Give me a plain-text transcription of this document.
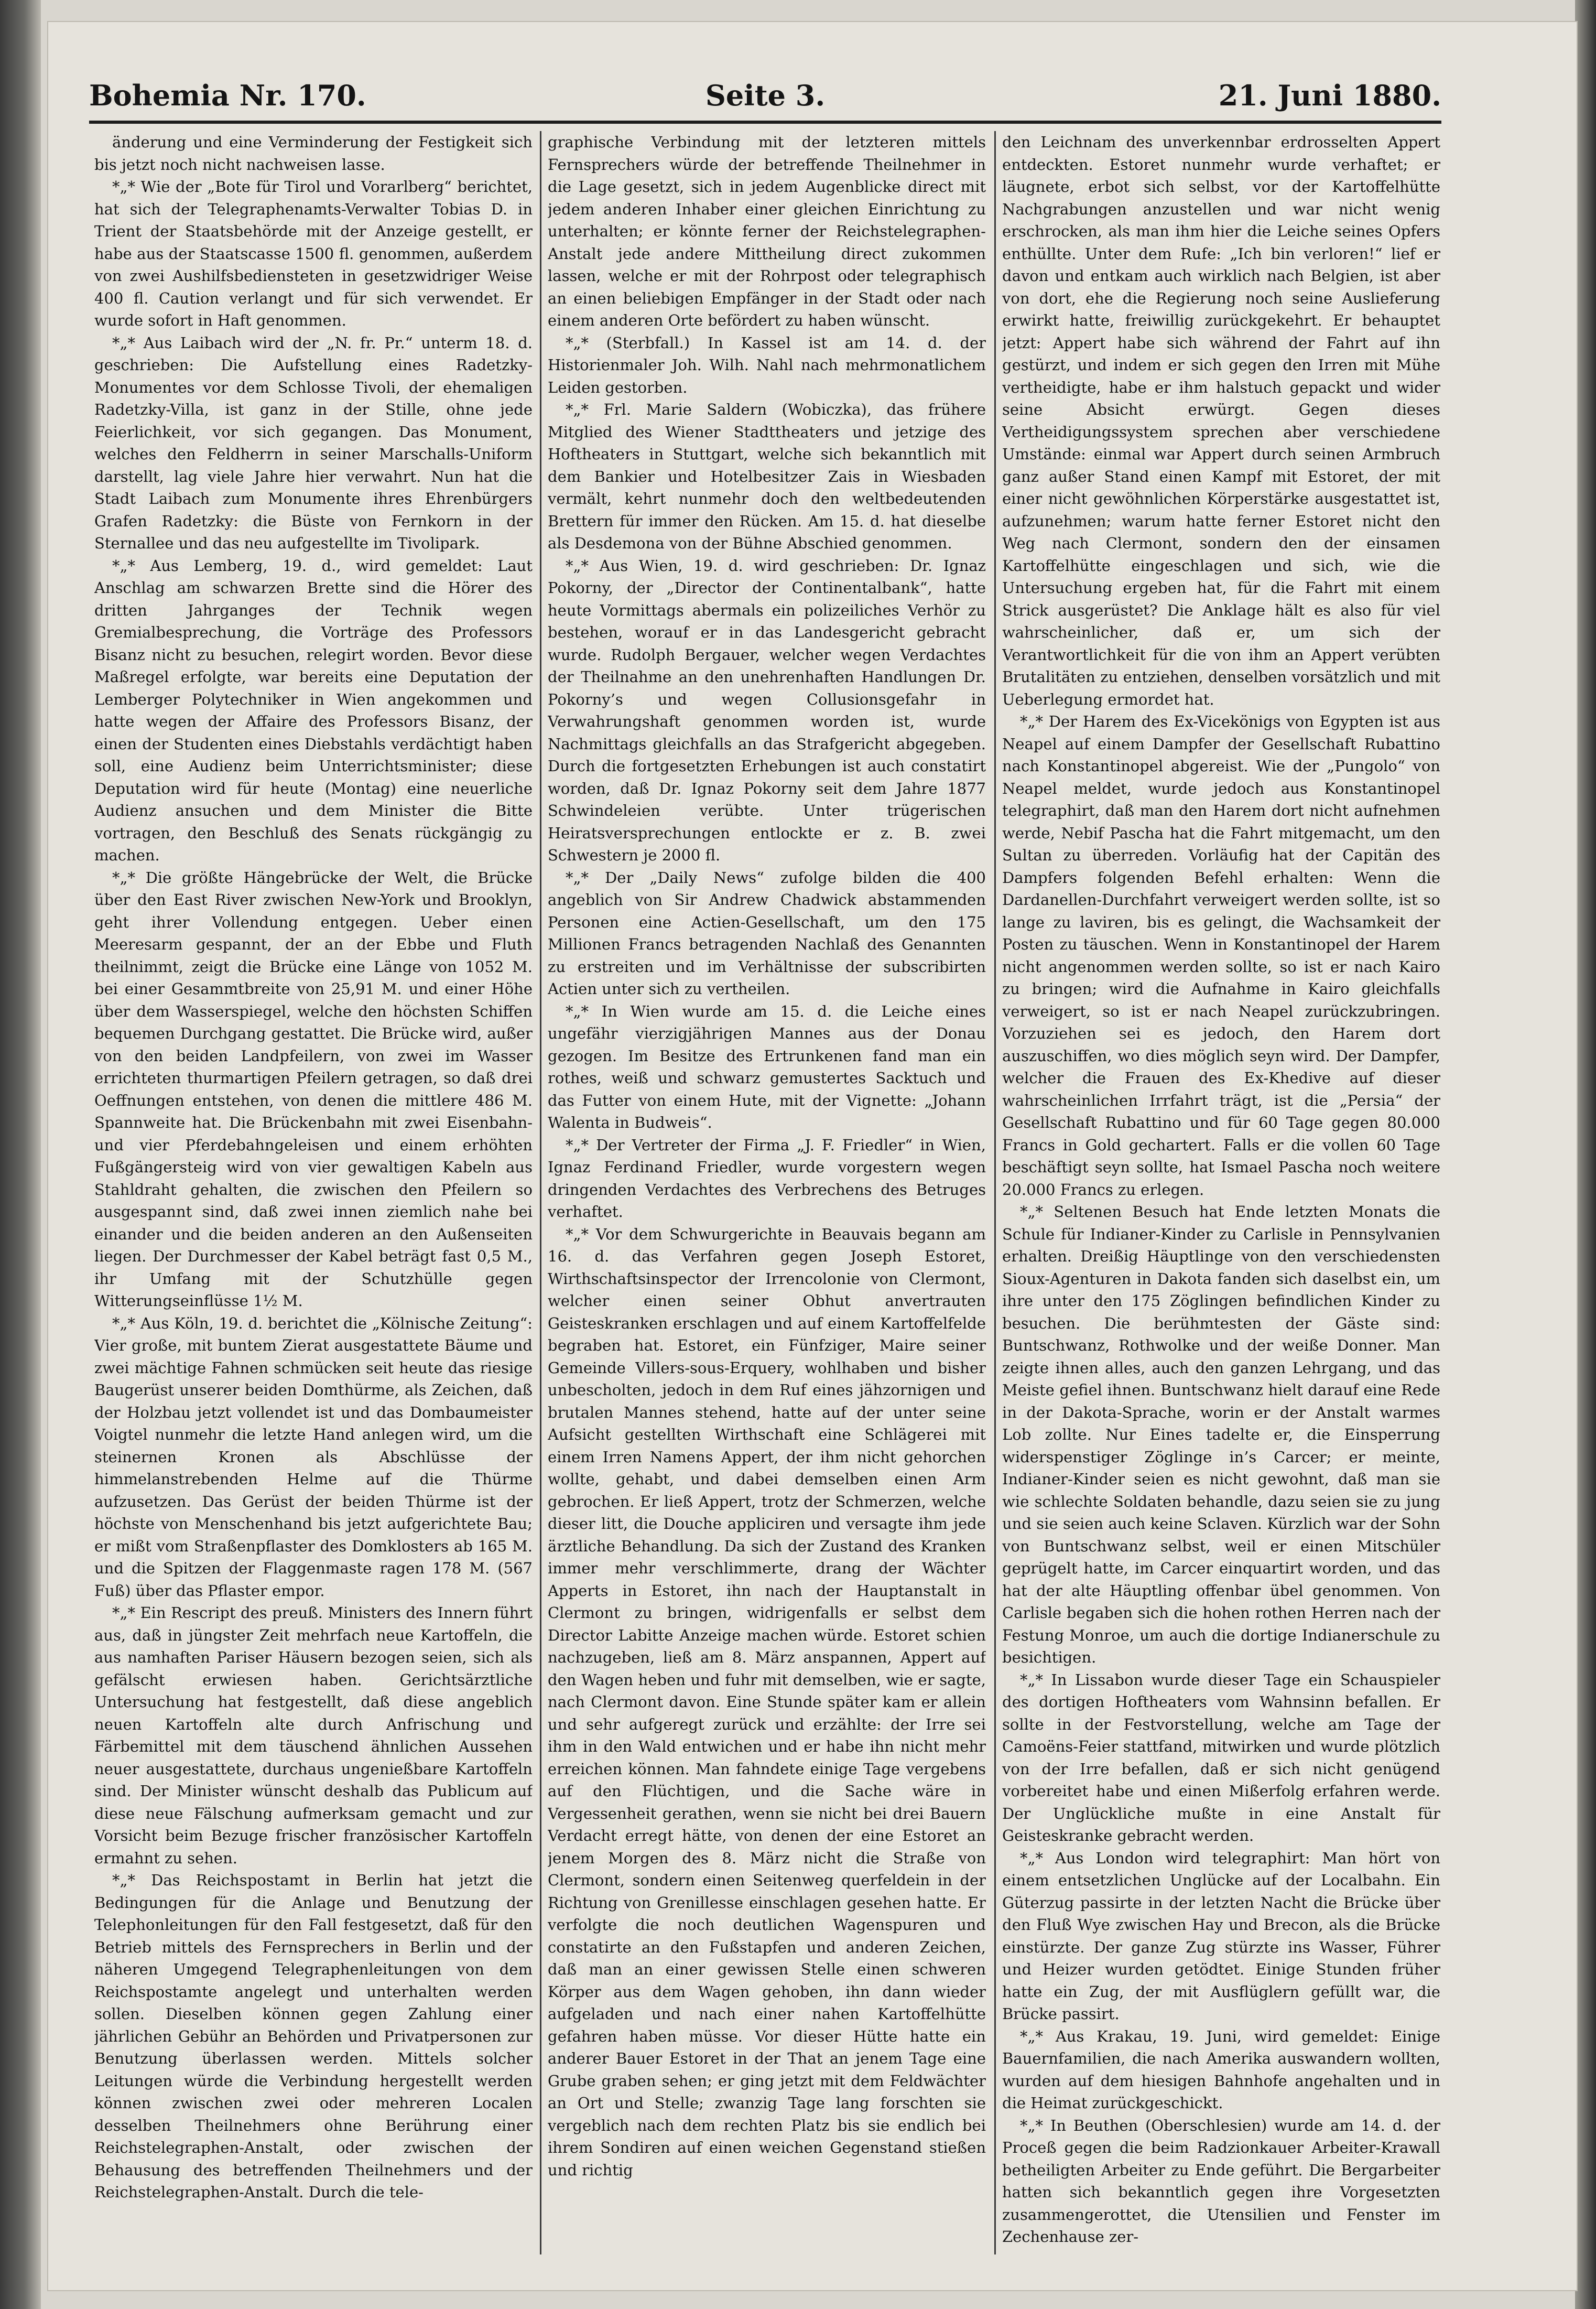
Bohemia Nr. 170.	Seite 3.	21. Juni 1880.

änderung und eine Verminderung der Festigkeit sich bis jetzt noch nicht nachweisen lasse.

*„* Wie der „Bote für Tirol und Vorarlberg“ berichtet, hat sich der Telegraphenamts-Verwalter Tobias D. in Trient der Staatsbehörde mit der Anzeige gestellt, er habe aus der Staatscasse 1500 fl. genommen, außerdem von zwei Aushilfsbediensteten in gesetzwidriger Weise 400 fl. Caution verlangt und für sich verwendet. Er wurde sofort in Haft genommen.

*„* Aus Laibach wird der „N. fr. Pr.“ unterm 18. d. geschrieben: Die Aufstellung eines Radetzky-Monumentes vor dem Schlosse Tivoli, der ehemaligen Radetzky-Villa, ist ganz in der Stille, ohne jede Feierlichkeit, vor sich gegangen. Das Monument, welches den Feldherrn in seiner Marschalls-Uniform darstellt, lag viele Jahre hier verwahrt. Nun hat die Stadt Laibach zum Monumente ihres Ehrenbürgers Grafen Radetzky: die Büste von Fernkorn in der Sternallee und das neu aufgestellte im Tivolipark.

*„* Aus Lemberg, 19. d., wird gemeldet: Laut Anschlag am schwarzen Brette sind die Hörer des dritten Jahrganges der Technik wegen Gremialbesprechung, die Vorträge des Professors Bisanz nicht zu besuchen, relegirt worden. Bevor diese Maßregel erfolgte, war bereits eine Deputation der Lemberger Polytechniker in Wien angekommen und hatte wegen der Affaire des Professors Bisanz, der einen der Studenten eines Diebstahls verdächtigt haben soll, eine Audienz beim Unterrichtsminister; diese Deputation wird für heute (Montag) eine neuerliche Audienz ansuchen und dem Minister die Bitte vortragen, den Beschluß des Senats rückgängig zu machen.

*„* Die größte Hängebrücke der Welt, die Brücke über den East River zwischen New-York und Brooklyn, geht ihrer Vollendung entgegen. Ueber einen Meeresarm gespannt, der an der Ebbe und Fluth theilnimmt, zeigt die Brücke eine Länge von 1052 M. bei einer Gesammtbreite von 25,91 M. und einer Höhe über dem Wasserspiegel, welche den höchsten Schiffen bequemen Durchgang gestattet. Die Brücke wird, außer von den beiden Landpfeilern, von zwei im Wasser errichteten thurmartigen Pfeilern getragen, so daß drei Oeffnungen entstehen, von denen die mittlere 486 M. Spannweite hat. Die Brückenbahn mit zwei Eisenbahn- und vier Pferdebahngeleisen und einem erhöhten Fußgängersteig wird von vier gewaltigen Kabeln aus Stahldraht gehalten, die zwischen den Pfeilern so ausgespannt sind, daß zwei innen ziemlich nahe bei einander und die beiden anderen an den Außenseiten liegen. Der Durchmesser der Kabel beträgt fast 0,5 M., ihr Umfang mit der Schutzhülle gegen Witterungseinflüsse 1½ M.

*„* Aus Köln, 19. d. berichtet die „Kölnische Zeitung“: Vier große, mit buntem Zierat ausgestattete Bäume und zwei mächtige Fahnen schmücken seit heute das riesige Baugerüst unserer beiden Domthürme, als Zeichen, daß der Holzbau jetzt vollendet ist und das Dombaumeister Voigtel nunmehr die letzte Hand anlegen wird, um die steinernen Kronen als Abschlüsse der himmelanstrebenden Helme auf die Thürme aufzusetzen. Das Gerüst der beiden Thürme ist der höchste von Menschenhand bis jetzt aufgerichtete Bau; er mißt vom Straßenpflaster des Domklosters ab 165 M. und die Spitzen der Flaggenmaste ragen 178 M. (567 Fuß) über das Pflaster empor.

*„* Ein Rescript des preuß. Ministers des Innern führt aus, daß in jüngster Zeit mehrfach neue Kartoffeln, die aus namhaften Pariser Häusern bezogen seien, sich als gefälscht erwiesen haben. Gerichtsärztliche Untersuchung hat festgestellt, daß diese angeblich neuen Kartoffeln alte durch Anfrischung und Färbemittel mit dem täuschend ähnlichen Aussehen neuer ausgestattete, durchaus ungenießbare Kartoffeln sind. Der Minister wünscht deshalb das Publicum auf diese neue Fälschung aufmerksam gemacht und zur Vorsicht beim Bezuge frischer französischer Kartoffeln ermahnt zu sehen.

*„* Das Reichspostamt in Berlin hat jetzt die Bedingungen für die Anlage und Benutzung der Telephonleitungen für den Fall festgesetzt, daß für den Betrieb mittels des Fernsprechers in Berlin und der näheren Umgegend Telegraphenleitungen von dem Reichspostamte angelegt und unterhalten werden sollen. Dieselben können gegen Zahlung einer jährlichen Gebühr an Behörden und Privatpersonen zur Benutzung überlassen werden. Mittels solcher Leitungen würde die Verbindung hergestellt werden können zwischen zwei oder mehreren Localen desselben Theilnehmers ohne Berührung einer Reichstelegraphen-Anstalt, oder zwischen der Behausung des betreffenden Theilnehmers und der Reichstelegraphen-Anstalt. Durch die tele-

graphische Verbindung mit der letzteren mittels Fernsprechers würde der betreffende Theilnehmer in die Lage gesetzt, sich in jedem Augenblicke direct mit jedem anderen Inhaber einer gleichen Einrichtung zu unterhalten; er könnte ferner der Reichstelegraphen-Anstalt jede andere Mittheilung direct zukommen lassen, welche er mit der Rohrpost oder telegraphisch an einen beliebigen Empfänger in der Stadt oder nach einem anderen Orte befördert zu haben wünscht.

*„* (Sterbfall.) In Kassel ist am 14. d. der Historienmaler Joh. Wilh. Nahl nach mehrmonatlichem Leiden gestorben.

*„* Frl. Marie Saldern (Wobiczka), das frühere Mitglied des Wiener Stadttheaters und jetzige des Hoftheaters in Stuttgart, welche sich bekanntlich mit dem Bankier und Hotelbesitzer Zais in Wiesbaden vermält, kehrt nunmehr doch den weltbedeutenden Brettern für immer den Rücken. Am 15. d. hat dieselbe als Desdemona von der Bühne Abschied genommen.

*„* Aus Wien, 19. d. wird geschrieben: Dr. Ignaz Pokorny, der „Director der Continentalbank“, hatte heute Vormittags abermals ein polizeiliches Verhör zu bestehen, worauf er in das Landesgericht gebracht wurde. Rudolph Bergauer, welcher wegen Verdachtes der Theilnahme an den unehrenhaften Handlungen Dr. Pokorny’s und wegen Collusionsgefahr in Verwahrungshaft genommen worden ist, wurde Nachmittags gleichfalls an das Strafgericht abgegeben. Durch die fortgesetzten Erhebungen ist auch constatirt worden, daß Dr. Ignaz Pokorny seit dem Jahre 1877 Schwindeleien verübte. Unter trügerischen Heiratsversprechungen entlockte er z. B. zwei Schwestern je 2000 fl.

*„* Der „Daily News“ zufolge bilden die 400 angeblich von Sir Andrew Chadwick abstammenden Personen eine Actien-Gesellschaft, um den 175 Millionen Francs betragenden Nachlaß des Genannten zu erstreiten und im Verhältnisse der subscribirten Actien unter sich zu vertheilen.

*„* In Wien wurde am 15. d. die Leiche eines ungefähr vierzigjährigen Mannes aus der Donau gezogen. Im Besitze des Ertrunkenen fand man ein rothes, weiß und schwarz gemustertes Sacktuch und das Futter von einem Hute, mit der Vignette: „Johann Walenta in Budweis“.

*„* Der Vertreter der Firma „J. F. Friedler“ in Wien, Ignaz Ferdinand Friedler, wurde vorgestern wegen dringenden Verdachtes des Verbrechens des Betruges verhaftet.

*„* Vor dem Schwurgerichte in Beauvais begann am 16. d. das Verfahren gegen Joseph Estoret, Wirthschaftsinspector der Irrencolonie von Clermont, welcher einen seiner Obhut anvertrauten Geisteskranken erschlagen und auf einem Kartoffelfelde begraben hat. Estoret, ein Fünfziger, Maire seiner Gemeinde Villers-sous-Erquery, wohlhaben und bisher unbescholten, jedoch in dem Ruf eines jähzornigen und brutalen Mannes stehend, hatte auf der unter seine Aufsicht gestellten Wirthschaft eine Schlägerei mit einem Irren Namens Appert, der ihm nicht gehorchen wollte, gehabt, und dabei demselben einen Arm gebrochen. Er ließ Appert, trotz der Schmerzen, welche dieser litt, die Douche appliciren und versagte ihm jede ärztliche Behandlung. Da sich der Zustand des Kranken immer mehr verschlimmerte, drang der Wächter Apperts in Estoret, ihn nach der Hauptanstalt in Clermont zu bringen, widrigenfalls er selbst dem Director Labitte Anzeige machen würde. Estoret schien nachzugeben, ließ am 8. März anspannen, Appert auf den Wagen heben und fuhr mit demselben, wie er sagte, nach Clermont davon. Eine Stunde später kam er allein und sehr aufgeregt zurück und erzählte: der Irre sei ihm in den Wald entwichen und er habe ihn nicht mehr erreichen können. Man fahndete einige Tage vergebens auf den Flüchtigen, und die Sache wäre in Vergessenheit gerathen, wenn sie nicht bei drei Bauern Verdacht erregt hätte, von denen der eine Estoret an jenem Morgen des 8. März nicht die Straße von Clermont, sondern einen Seitenweg querfeldein in der Richtung von Grenillesse einschlagen gesehen hatte. Er verfolgte die noch deutlichen Wagenspuren und constatirte an den Fußstapfen und anderen Zeichen, daß man an einer gewissen Stelle einen schweren Körper aus dem Wagen gehoben, ihn dann wieder aufgeladen und nach einer nahen Kartoffelhütte gefahren haben müsse. Vor dieser Hütte hatte ein anderer Bauer Estoret in der That an jenem Tage eine Grube graben sehen; er ging jetzt mit dem Feldwächter an Ort und Stelle; zwanzig Tage lang forschten sie vergeblich nach dem rechten Platz bis sie endlich bei ihrem Sondiren auf einen weichen Gegenstand stießen und richtig

den Leichnam des unverkennbar erdrosselten Appert entdeckten. Estoret nunmehr wurde verhaftet; er läugnete, erbot sich selbst, vor der Kartoffelhütte Nachgrabungen anzustellen und war nicht wenig erschrocken, als man ihm hier die Leiche seines Opfers enthüllte. Unter dem Rufe: „Ich bin verloren!“ lief er davon und entkam auch wirklich nach Belgien, ist aber von dort, ehe die Regierung noch seine Auslieferung erwirkt hatte, freiwillig zurückgekehrt. Er behauptet jetzt: Appert habe sich während der Fahrt auf ihn gestürzt, und indem er sich gegen den Irren mit Mühe vertheidigte, habe er ihm halstuch gepackt und wider seine Absicht erwürgt. Gegen dieses Vertheidigungssystem sprechen aber verschiedene Umstände: einmal war Appert durch seinen Armbruch ganz außer Stand einen Kampf mit Estoret, der mit einer nicht gewöhnlichen Körperstärke ausgestattet ist, aufzunehmen; warum hatte ferner Estoret nicht den Weg nach Clermont, sondern den der einsamen Kartoffelhütte eingeschlagen und sich, wie die Untersuchung ergeben hat, für die Fahrt mit einem Strick ausgerüstet? Die Anklage hält es also für viel wahrscheinlicher, daß er, um sich der Verantwortlichkeit für die von ihm an Appert verübten Brutalitäten zu entziehen, denselben vorsätzlich und mit Ueberlegung ermordet hat.

*„* Der Harem des Ex-Vicekönigs von Egypten ist aus Neapel auf einem Dampfer der Gesellschaft Rubattino nach Konstantinopel abgereist. Wie der „Pungolo“ von Neapel meldet, wurde jedoch aus Konstantinopel telegraphirt, daß man den Harem dort nicht aufnehmen werde, Nebif Pascha hat die Fahrt mitgemacht, um den Sultan zu überreden. Vorläufig hat der Capitän des Dampfers folgenden Befehl erhalten: Wenn die Dardanellen-Durchfahrt verweigert werden sollte, ist so lange zu laviren, bis es gelingt, die Wachsamkeit der Posten zu täuschen. Wenn in Konstantinopel der Harem nicht angenommen werden sollte, so ist er nach Kairo zu bringen; wird die Aufnahme in Kairo gleichfalls verweigert, so ist er nach Neapel zurückzubringen. Vorzuziehen sei es jedoch, den Harem dort auszuschiffen, wo dies möglich seyn wird. Der Dampfer, welcher die Frauen des Ex-Khedive auf dieser wahrscheinlichen Irrfahrt trägt, ist die „Persia“ der Gesellschaft Rubattino und für 60 Tage gegen 80.000 Francs in Gold gechartert. Falls er die vollen 60 Tage beschäftigt seyn sollte, hat Ismael Pascha noch weitere 20.000 Francs zu erlegen.

*„* Seltenen Besuch hat Ende letzten Monats die Schule für Indianer-Kinder zu Carlisle in Pennsylvanien erhalten. Dreißig Häuptlinge von den verschiedensten Sioux-Agenturen in Dakota fanden sich daselbst ein, um ihre unter den 175 Zöglingen befindlichen Kinder zu besuchen. Die berühmtesten der Gäste sind: Buntschwanz, Rothwolke und der weiße Donner. Man zeigte ihnen alles, auch den ganzen Lehrgang, und das Meiste gefiel ihnen. Buntschwanz hielt darauf eine Rede in der Dakota-Sprache, worin er der Anstalt warmes Lob zollte. Nur Eines tadelte er, die Einsperrung widerspenstiger Zöglinge in’s Carcer; er meinte, Indianer-Kinder seien es nicht gewohnt, daß man sie wie schlechte Soldaten behandle, dazu seien sie zu jung und sie seien auch keine Sclaven. Kürzlich war der Sohn von Buntschwanz selbst, weil er einen Mitschüler geprügelt hatte, im Carcer einquartirt worden, und das hat der alte Häuptling offenbar übel genommen. Von Carlisle begaben sich die hohen rothen Herren nach der Festung Monroe, um auch die dortige Indianerschule zu besichtigen.

*„* In Lissabon wurde dieser Tage ein Schauspieler des dortigen Hoftheaters vom Wahnsinn befallen. Er sollte in der Festvorstellung, welche am Tage der Camoëns-Feier stattfand, mitwirken und wurde plötzlich von der Irre befallen, daß er sich nicht genügend vorbereitet habe und einen Mißerfolg erfahren werde. Der Unglückliche mußte in eine Anstalt für Geisteskranke gebracht werden.

*„* Aus London wird telegraphirt: Man hört von einem entsetzlichen Unglücke auf der Localbahn. Ein Güterzug passirte in der letzten Nacht die Brücke über den Fluß Wye zwischen Hay und Brecon, als die Brücke einstürzte. Der ganze Zug stürzte ins Wasser, Führer und Heizer wurden getödtet. Einige Stunden früher hatte ein Zug, der mit Ausflüglern gefüllt war, die Brücke passirt.

*„* Aus Krakau, 19. Juni, wird gemeldet: Einige Bauernfamilien, die nach Amerika auswandern wollten, wurden auf dem hiesigen Bahnhofe angehalten und in die Heimat zurückgeschickt.

*„* In Beuthen (Oberschlesien) wurde am 14. d. der Proceß gegen die beim Radzionkauer Arbeiter-Krawall betheiligten Arbeiter zu Ende geführt. Die Bergarbeiter hatten sich bekanntlich gegen ihre Vorgesetzten zusammengerottet, die Utensilien und Fenster im Zechenhause zer-
